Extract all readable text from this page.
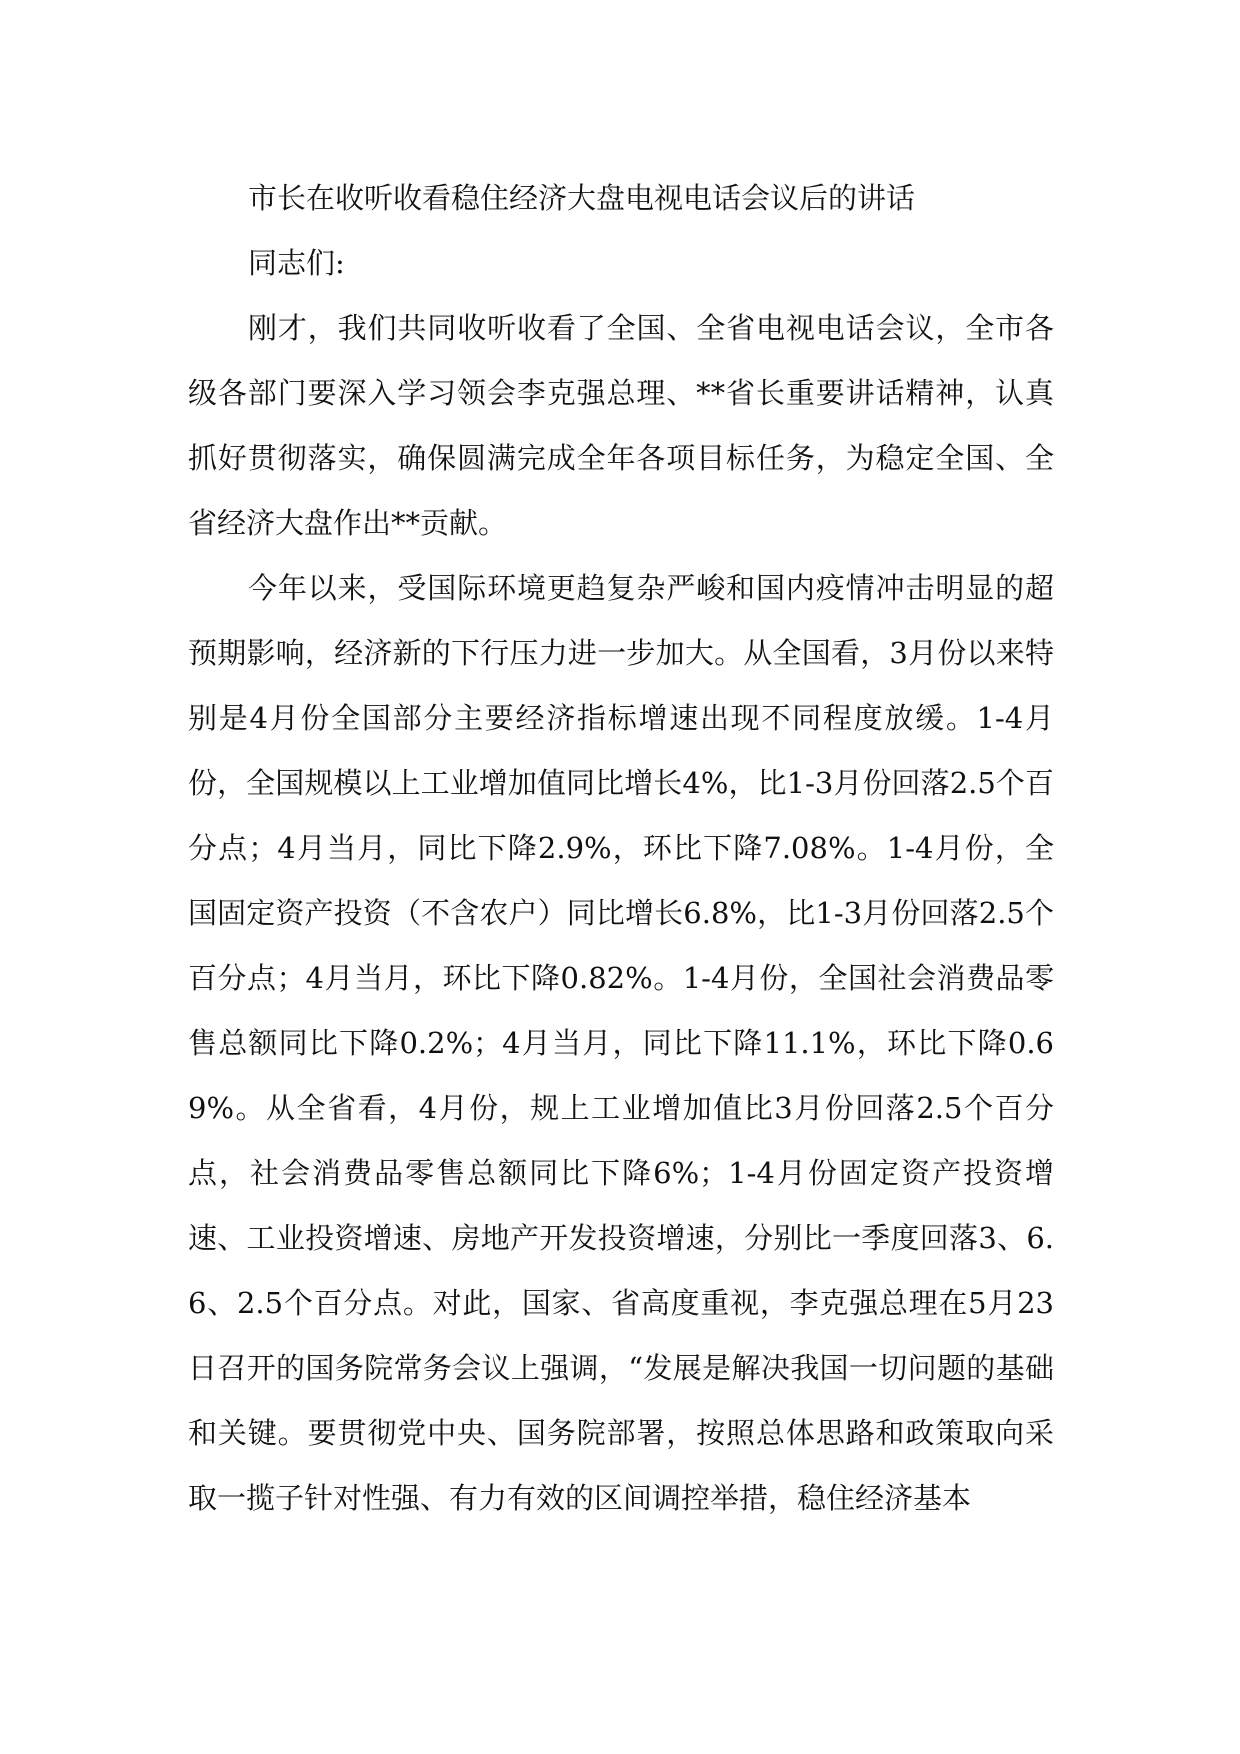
市长在收听收看稳住经济大盘电视电话会议后的讲话

同志们:

刚才，我们共同收听收看了全国、全省电视电话会议，全市各级各部门要深入学习领会李克强总理、**省长重要讲话精神，认真抓好贯彻落实，确保圆满完成全年各项目标任务，为稳定全国、全省经济大盘作出**贡献。

今年以来，受国际环境更趋复杂严峻和国内疫情冲击明显的超预期影响，经济新的下行压力进一步加大。从全国看，3月份以来特别是4月份全国部分主要经济指标增速出现不同程度放缓。1-4月份，全国规模以上工业增加值同比增长4%，比1-3月份回落2.5个百分点；4月当月，同比下降2.9%，环比下降7.08%。1-4月份，全国固定资产投资（不含农户）同比增长6.8%，比1-3月份回落2.5个百分点；4月当月，环比下降0.82%。1-4月份，全国社会消费品零售总额同比下降0.2%；4月当月，同比下降11.1%，环比下降0.69%。从全省看，4月份，规上工业增加值比3月份回落2.5个百分点，社会消费品零售总额同比下降6%；1-4月份固定资产投资增速、工业投资增速、房地产开发投资增速，分别比一季度回落3、6.6、2.5个百分点。对此，国家、省高度重视，李克强总理在5月23日召开的国务院常务会议上强调，“发展是解决我国一切问题的基础和关键。要贯彻党中央、国务院部署，按照总体思路和政策取向采取一揽子针对性强、有力有效的区间调控举措，稳住经济基本
